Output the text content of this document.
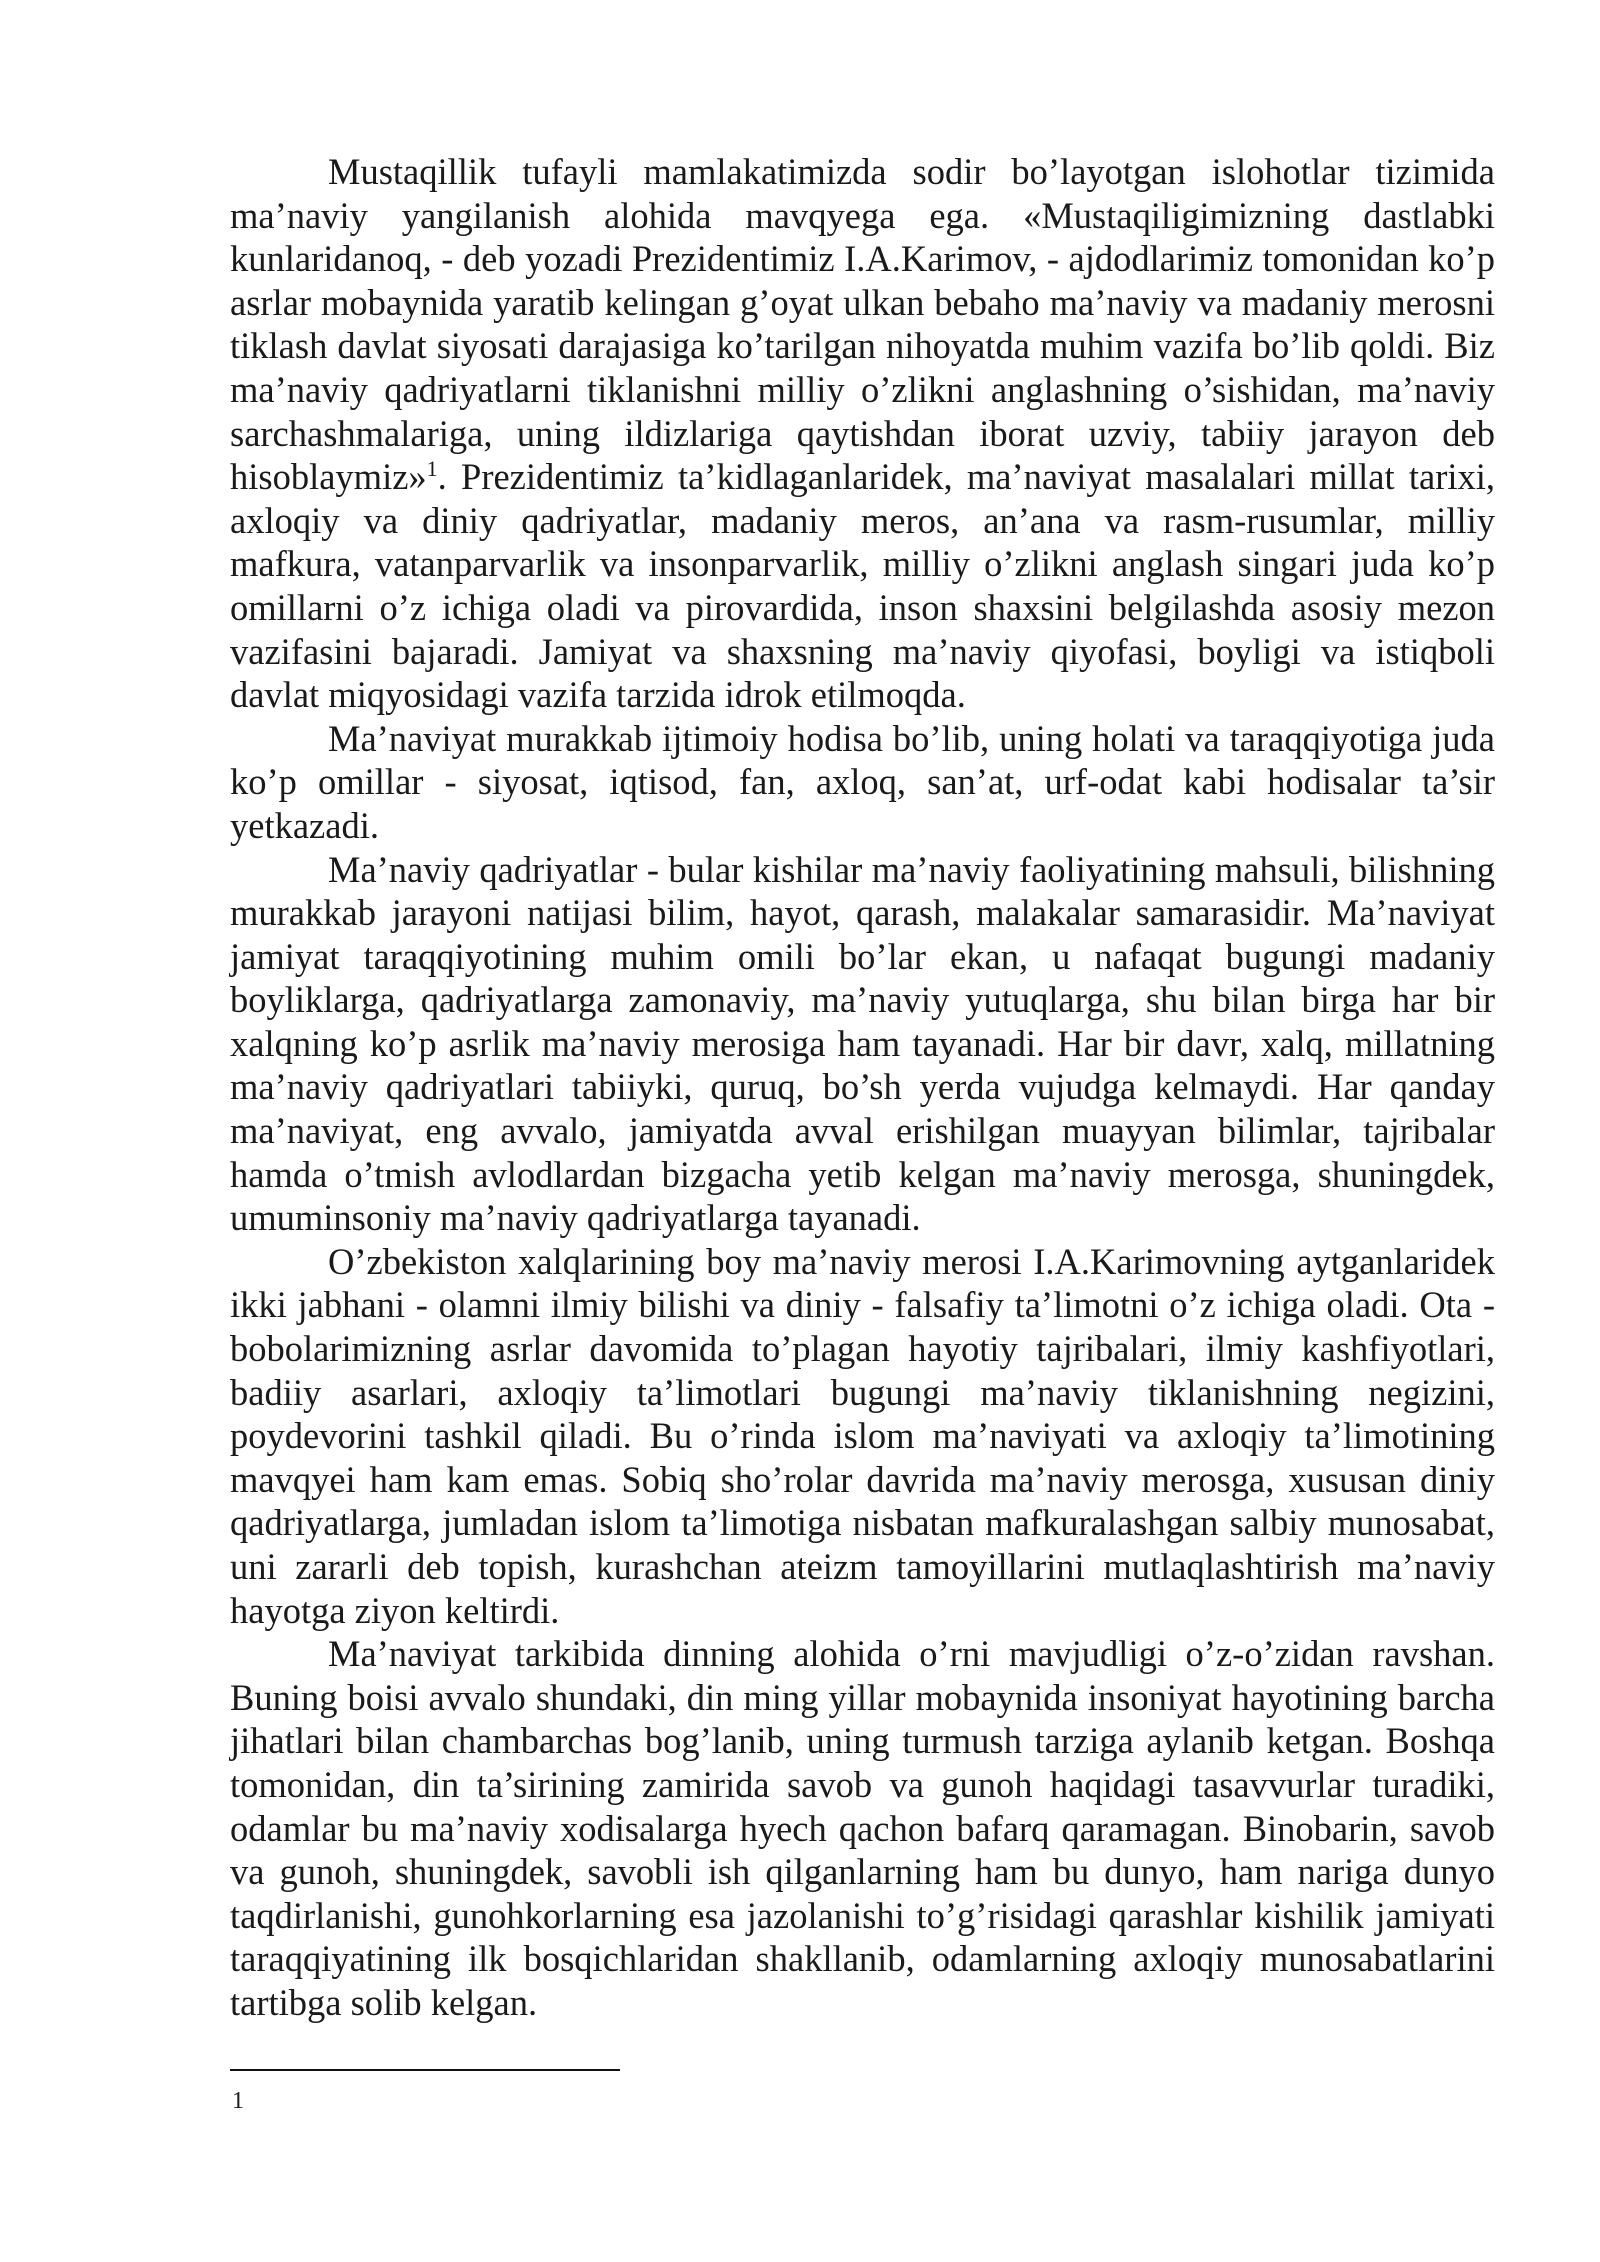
Mustaqillik tufayli mamlakatimizda sodir bo’layotgan islohotlar tizimida ma’naviy yangilanish alohida mavqyega ega. «Mustaqiligimizning dastlabki kunlaridanoq, - deb yozadi Prezidentimiz I.A.Karimov, - ajdodlarimiz tomonidan ko’p asrlar mobaynida yaratib kelingan g’oyat ulkan bebaho ma’naviy va madaniy merosni tiklash davlat siyosati darajasiga ko’tarilgan nihoyatda muhim vazifa bo’lib qoldi. Biz ma’naviy qadriyatlarni tiklanishni milliy o’zlikni anglashning o’sishidan, ma’naviy sarchashmalariga, uning ildizlariga qaytishdan iborat uzviy, tabiiy jarayon deb hisoblaymiz»$^1$. Prezidentimiz ta’kidlaganlaridek, ma’naviyat masalalari millat tarixi, axloqiy va diniy qadriyatlar, madaniy meros, an’ana va rasm-rusumlar, milliy mafkura, vatanparvarlik va insonparvarlik, milliy o’zlikni anglash singari juda ko’p omillarni o’z ichiga oladi va pirovardida, inson shaxsini belgilashda asosiy mezon vazifasini bajaradi. Jamiyat va shaxsning ma’naviy qiyofasi, boyligi va istiqboli davlat miqyosidagi vazifa tarzida idrok etilmoqda.

Ma’naviyat murakkab ijtimoiy hodisa bo’lib, uning holati va taraqqiyotiga juda ko’p omillar - siyosat, iqtisod, fan, axloq, san’at, urf-odat kabi hodisalar ta’sir yetkazadi.

Ma’naviy qadriyatlar - bular kishilar ma’naviy faoliyatining mahsuli, bilishning murakkab jarayoni natijasi bilim, hayot, qarash, malakalar samarasidir. Ma’naviyat jamiyat taraqqiyotining muhim omili bo’lar ekan, u nafaqat bugungi madaniy boyliklarga, qadriyatlarga zamonaviy, ma’naviy yutuqlarga, shu bilan birga har bir xalqning ko’p asrlik ma’naviy merosiga ham tayanadi. Har bir davr, xalq, millatning ma’naviy qadriyatlari tabiiyki, quruq, bo’sh yerda vujudga kelmaydi. Har qanday ma’naviyat, eng avvalo, jamiyatda avval erishilgan muayyan bilimlar, tajribalar hamda o’tmish avlodlardan bizgacha yetib kelgan ma’naviy merosga, shuningdek, umuminsoniy ma’naviy qadriyatlarga tayanadi.

O’zbekiston xalqlarining boy ma’naviy merosi I.A.Karimovning aytganlaridek ikki jabhani - olamni ilmiy bilishi va diniy - falsafiy ta’limotni o’z ichiga oladi. Ota - bobolarimizning asrlar davomida to’plagan hayotiy tajribalari, ilmiy kashfiyotlari, badiiy asarlari, axloqiy ta’limotlari bugungi ma’naviy tiklanishning negizini, poydevorini tashkil qiladi. Bu o’rinda islom ma’naviyati va axloqiy ta’limotining mavqyei ham kam emas. Sobiq sho’rolar davrida ma’naviy merosga, xususan diniy qadriyatlarga, jumladan islom ta’limotiga nisbatan mafkuralashgan salbiy munosabat, uni zararli deb topish, kurashchan ateizm tamoyillarini mutlaqlashtirish ma’naviy hayotga ziyon keltirdi.

Ma’naviyat tarkibida dinning alohida o’rni mavjudligi o’z-o’zidan ravshan. Buning boisi avvalo shundaki, din ming yillar mobaynida insoniyat hayotining barcha jihatlari bilan chambarchas bog’lanib, uning turmush tarziga aylanib ketgan. Boshqa tomonidan, din ta’sirining zamirida savob va gunoh haqidagi tasavvurlar turadiki, odamlar bu ma’naviy xodisalarga hyech qachon bafarq qaramagan. Binobarin, savob va gunoh, shuningdek, savobli ish qilganlarning ham bu dunyo, ham nariga dunyo taqdirlanishi, gunohkorlarning esa jazolanishi to’g’risidagi qarashlar kishilik jamiyati taraqqiyatining ilk bosqichlaridan shakllanib, odamlarning axloqiy munosabatlarini tartibga solib kelgan.

1
